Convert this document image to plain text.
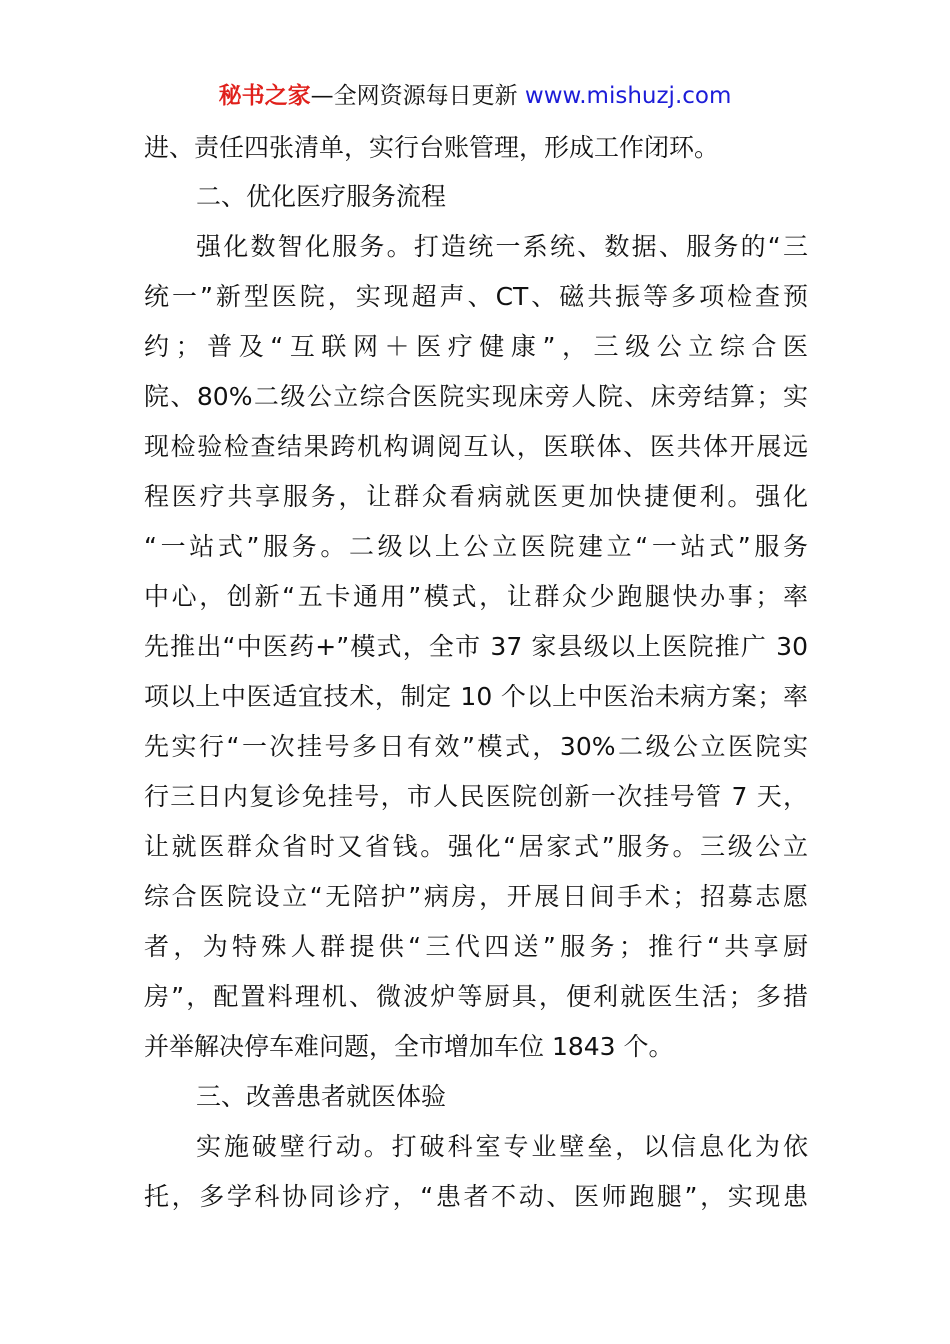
秘书之家—全网资源每日更新 www.mishuzj.com
进、责任四张清单，实行台账管理，形成工作闭环。
二、优化医疗服务流程
强化数智化服务。打造统一系统、数据、服务的“三
统一”新型医院，实现超声、CT、磁共振等多项检查预
约；普及“互联网＋医疗健康”，三级公立综合医
院、80%二级公立综合医院实现床旁人院、床旁结算；实
现检验检查结果跨机构调阅互认，医联体、医共体开展远
程医疗共享服务，让群众看病就医更加快捷便利。强化
“一站式”服务。二级以上公立医院建立“一站式”服务
中心，创新“五卡通用”模式，让群众少跑腿快办事；率
先推出“中医药+”模式，全市 37 家县级以上医院推广 30
项以上中医适宜技术，制定 10 个以上中医治未病方案；率
先实行“一次挂号多日有效”模式，30%二级公立医院实
行三日内复诊免挂号，市人民医院创新一次挂号管 7 天，
让就医群众省时又省钱。强化“居家式”服务。三级公立
综合医院设立“无陪护”病房，开展日间手术；招募志愿
者，为特殊人群提供“三代四送”服务；推行“共享厨
房”，配置料理机、微波炉等厨具，便利就医生活；多措
并举解决停车难问题，全市增加车位 1843 个。
三、改善患者就医体验
实施破壁行动。打破科室专业壁垒，以信息化为依
托，多学科协同诊疗，“患者不动、医师跑腿”，实现患
